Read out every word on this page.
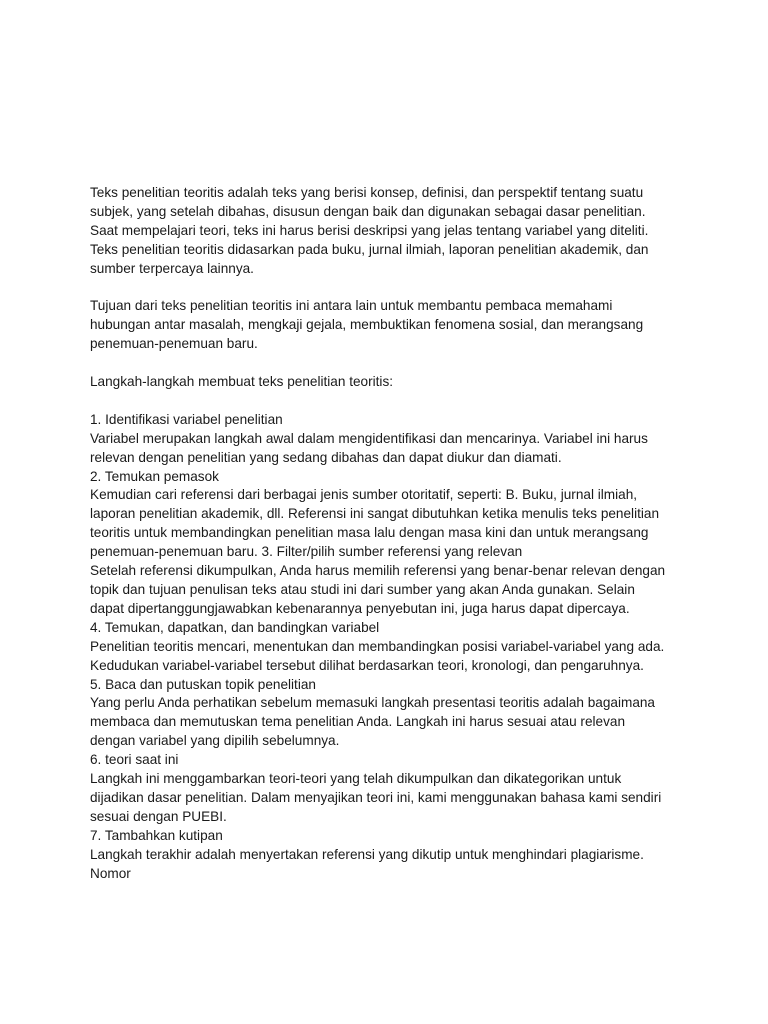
Teks penelitian teoritis adalah teks yang berisi konsep, definisi, dan perspektif tentang suatu
subjek, yang setelah dibahas, disusun dengan baik dan digunakan sebagai dasar penelitian.
Saat mempelajari teori, teks ini harus berisi deskripsi yang jelas tentang variabel yang diteliti.
Teks penelitian teoritis didasarkan pada buku, jurnal ilmiah, laporan penelitian akademik, dan
sumber terpercaya lainnya.
Tujuan dari teks penelitian teoritis ini antara lain untuk membantu pembaca memahami
hubungan antar masalah, mengkaji gejala, membuktikan fenomena sosial, dan merangsang
penemuan-penemuan baru.
Langkah-langkah membuat teks penelitian teoritis:
1. Identifikasi variabel penelitian
Variabel merupakan langkah awal dalam mengidentifikasi dan mencarinya. Variabel ini harus
relevan dengan penelitian yang sedang dibahas dan dapat diukur dan diamati.
2. Temukan pemasok
Kemudian cari referensi dari berbagai jenis sumber otoritatif, seperti: B. Buku, jurnal ilmiah,
laporan penelitian akademik, dll. Referensi ini sangat dibutuhkan ketika menulis teks penelitian
teoritis untuk membandingkan penelitian masa lalu dengan masa kini dan untuk merangsang
penemuan-penemuan baru. 3. Filter/pilih sumber referensi yang relevan
Setelah referensi dikumpulkan, Anda harus memilih referensi yang benar-benar relevan dengan
topik dan tujuan penulisan teks atau studi ini dari sumber yang akan Anda gunakan. Selain
dapat dipertanggungjawabkan kebenarannya penyebutan ini, juga harus dapat dipercaya.
4. Temukan, dapatkan, dan bandingkan variabel
Penelitian teoritis mencari, menentukan dan membandingkan posisi variabel-variabel yang ada.
Kedudukan variabel-variabel tersebut dilihat berdasarkan teori, kronologi, dan pengaruhnya.
5. Baca dan putuskan topik penelitian
Yang perlu Anda perhatikan sebelum memasuki langkah presentasi teoritis adalah bagaimana
membaca dan memutuskan tema penelitian Anda. Langkah ini harus sesuai atau relevan
dengan variabel yang dipilih sebelumnya.
6. teori saat ini
Langkah ini menggambarkan teori-teori yang telah dikumpulkan dan dikategorikan untuk
dijadikan dasar penelitian. Dalam menyajikan teori ini, kami menggunakan bahasa kami sendiri
sesuai dengan PUEBI.
7. Tambahkan kutipan
Langkah terakhir adalah menyertakan referensi yang dikutip untuk menghindari plagiarisme.
Nomor
